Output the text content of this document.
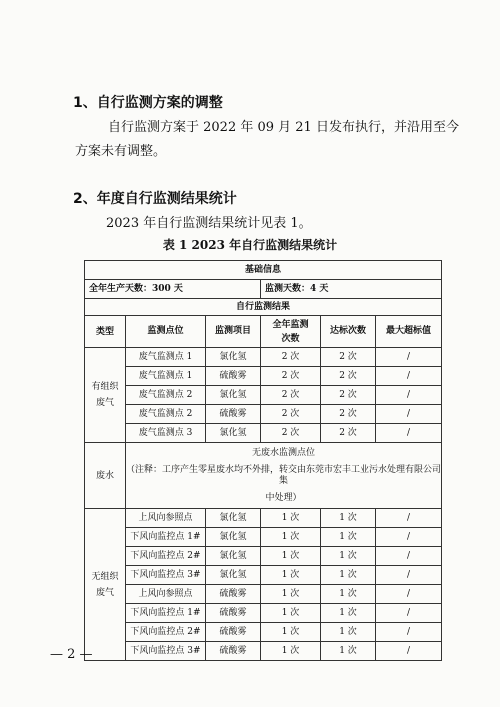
1、自行监测方案的调整
自行监测方案于 2022 年 09 月 21 日发布执行，并沿用至今
方案未有调整。
2、年度自行监测结果统计
2023 年自行监测结果统计见表 1。
表 1 2023 年自行监测结果统计
基础信息					
全年生产天数：300 天			监测天数：4 天		
自行监测结果					
类型	监测点位	监测项目	全年监测次数	达标次数	最大超标值
有组织废气	废气监测点 1	氯化氢	2 次	2 次	/
	废气监测点 1	硫酸雾	2 次	2 次	/
	废气监测点 2	氯化氢	2 次	2 次	/
	废气监测点 2	硫酸雾	2 次	2 次	/
	废气监测点 3	氯化氢	2 次	2 次	/
废水	无废水监测点位
（注释：工序产生零星废水均不外排，转交由东莞市宏丰工业污水处理有限公司集
中处理）				

无组织废气	上风向参照点	氯化氢	1 次	1 次	/
	下风向监控点 1#	氯化氢	1 次	1 次	/
	下风向监控点 2#	氯化氢	1 次	1 次	/
	下风向监控点 3#	氯化氢	1 次	1 次	/
	上风向参照点	硫酸雾	1 次	1 次	/
	下风向监控点 1#	硫酸雾	1 次	1 次	/
	下风向监控点 2#	硫酸雾	1 次	1 次	/
	下风向监控点 3#	硫酸雾	1 次	1 次	/
— 2 —
